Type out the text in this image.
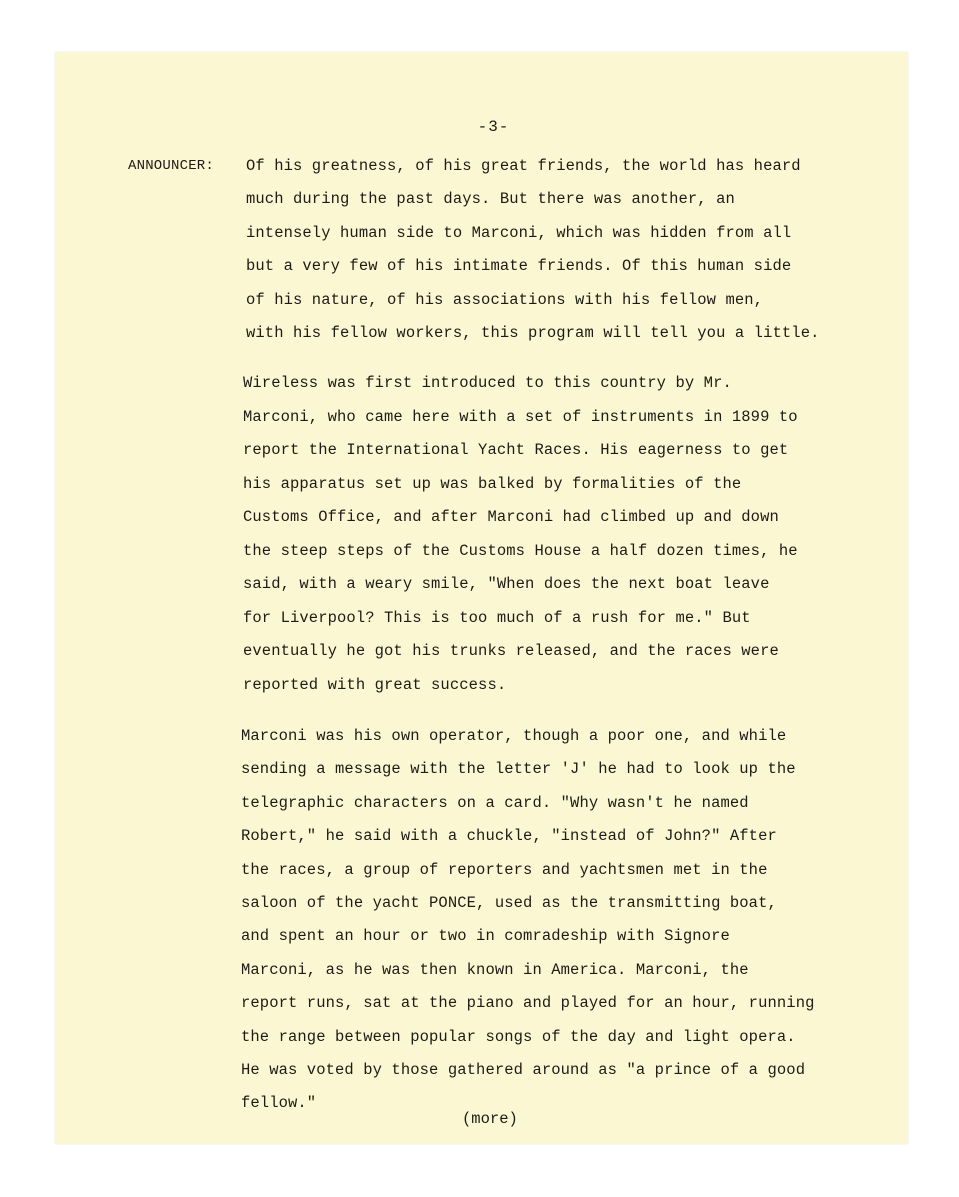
-3-
ANNOUNCER: Of his greatness, of his great friends, the world has heard
much during the past days. But there was another, an
intensely human side to Marconi, which was hidden from all
but a very few of his intimate friends. Of this human side
of his nature, of his associations with his fellow men,
with his fellow workers, this program will tell you a little.

Wireless was first introduced to this country by Mr.
Marconi, who came here with a set of instruments in 1899 to
report the International Yacht Races. His eagerness to get
his apparatus set up was balked by formalities of the
Customs Office, and after Marconi had climbed up and down
the steep steps of the Customs House a half dozen times, he
said, with a weary smile, "When does the next boat leave
for Liverpool? This is too much of a rush for me." But
eventually he got his trunks released, and the races were
reported with great success.

Marconi was his own operator, though a poor one, and while
sending a message with the letter 'J' he had to look up the
telegraphic characters on a card. "Why wasn't he named
Robert," he said with a chuckle, "instead of John?" After
the races, a group of reporters and yachtsmen met in the
saloon of the yacht PONCE, used as the transmitting boat,
and spent an hour or two in comradeship with Signore
Marconi, as he was then known in America. Marconi, the
report runs, sat at the piano and played for an hour, running
the range between popular songs of the day and light opera.
He was voted by those gathered around as "a prince of a good
fellow."

(more)
